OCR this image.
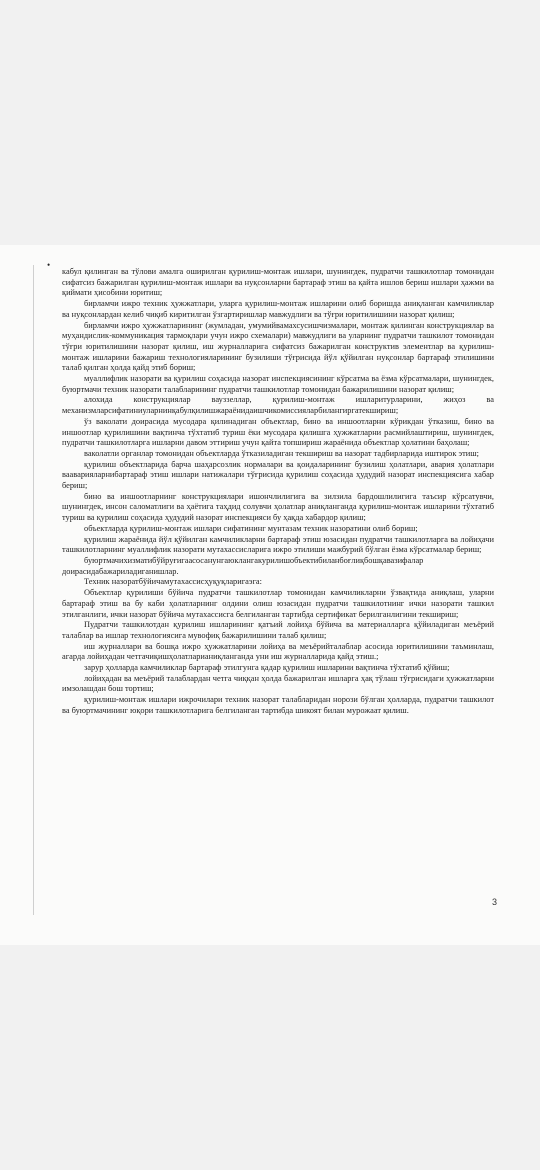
•

кабул қилинган ва тўлови амалга оширилган қурилиш-монтаж ишлари, шунингдек, пудратчи ташкилотлар томонидан сифатсиз бажарилган қурилиш-монтаж ишлари ва нуқсонларни бартараф этиш ва қайта ишлов бериш ишлари ҳажми ва қиймати ҳисобини юритиш;

бирламчи ижро техник ҳужжатлари, уларга қурилиш-монтаж ишларини олиб боришда аниқланган камчиликлар ва нуқсонлардан келиб чиқиб киритилган ўзгартиришлар мавжудлиги ва тўғри юритилишини назорат қилиш;

бирламчи ижро ҳужжатларининг (жумладан, умумийвамахсусишчизмалари, монтаж қилинган конструкциялар ва муҳандислик-коммуникация тармоқлари учун ижро схемалари) мавжудлиги ва уларнинг пудратчи ташкилот томонидан тўғри юритилишини назорат қилиш, иш журналларига сифатсиз бажарилган конструктив элементлар ва қурилиш-монтаж ишларини бажариш технологияларининг бузилиши тўғрисида йўл қўйилган нуқсонлар бартараф этилишини талаб қилган ҳолда қайд этиб бориш;

муаллифлик назорати ва қурилиш соҳасида назорат инспекциясининг кўрсатма ва ёзма кўрсатмалари, шунингдек, буюртмачи техник назорати талабларининг пудратчи ташкилотлар томонидан бажарилишини назорат қилиш;

алохида конструкциялар вауззеллар, қурилиш-монтаж ишларитурларини, жиҳоз ва механизмларсифатиниуларнинқабулқилишжараёнидаишчикомиссияларбилангиргатекшириш;

ўз ваколати доирасида мусодара қилинадиган объектлар, бино ва иншоотларни кўрикдан ўтказиш, бино ва иншоотлар қурилишини вақтинча тўхтатиб туриш ёки мусодара қилишга ҳужжатларни расмийлаштириш, шунингдек, пудратчи ташкилотларга ишларни давом эттириш учун қайта топшириш жараёнида объектлар ҳолатини баҳолаш;

ваколатли органлар томонидан объектларда ўтказиладиган текшириш ва назорат тадбирларида иштирок этиш;

қурилиш объектларида барча шаҳарсозлик нормалари ва қоидаларининг бузилиш ҳолатлари, авария ҳолатлари вааварияларнибартараф этиш ишлари натижалари тўғрисида қурилиш соҳасида ҳудудий назорат инспекциясига хабар бериш;

бино ва иншоотларнинг конструкциялари ишончлилигига ва зилзила бардошлилигига таъсир кўрсатувчи, шунингдек, инсон саломатлиги ва ҳаётига таҳдид солувчи ҳолатлар аниқланганда қурилиш-монтаж ишларини тўхтатиб туриш ва қурилиш соҳасида ҳудудий назорат инспекцияси бу ҳақда хабардор қилиш;

объектларда қурилиш-монтаж ишлари сифатининг мунтазам техник назоратини олиб бориш;

қурилиш жараёнида йўл қўйилган камчиликларни бартараф этиш юзасидан пудратчи ташкилотларга ва лойиҳачи ташкилотларнинг муаллифлик назорати мутахассисларига ижро этилиши мажбурий бўлган ёзма кўрсатмалар бериш;

буюртмачихизматибўйруғигаасосанунгаюклангакурилишобъектибиланбоғлиқбошқавазифалар доирасидабажариладиганишлар.

Техник назоратбўйичамутахассисҳуқуқларигаэга:

Объектлар қурилиши бўйича пудратчи ташкилотлар томонидан камчиликларни ўзвақтида аниқлаш, уларни бартараф этиш ва бу каби ҳолатларнинг олдини олиш юзасидан пудратчи ташкилотнинг ички назорати ташкил этилганлиги, ички назорат бўйича мутахассисга белгиланган тартибда сертификат берилганлигини текшириш;

Пудратчи ташкилотдан қурилиш ишларининг қатъий лойиҳа бўйича ва материалларга қўйиладиган меъёрий талаблар ва ишлар технологиясига мувофиқ бажарилишини талаб қилиш;

иш журналлари ва бошқа ижро ҳужжатларини лойиҳа ва меъёрийталаблар асосида юритилишини таъминлаш, агарда лойиҳадан четгачиқишҳолатларианиқланганда уни иш журналларида қайд этиш.;

зарур ҳолларда камчиликлар бартараф этилгунга қадар қурилиш ишларини вақтинча тўхтатиб қўйиш;

лойиҳадан ва меъёрий талаблардан четга чиққан ҳолда бажарилган ишларга ҳақ тўлаш тўғрисидаги ҳужжатларни имзолашдан бош тортиш;

қурилиш-монтаж ишлари ижрочилари техник назорат талабларидан норози бўлган ҳолларда, пудратчи ташкилот ва буюртмачининг юқори ташкилотларига белгиланган тартибда шикоят билан мурожаат қилиш.

3
